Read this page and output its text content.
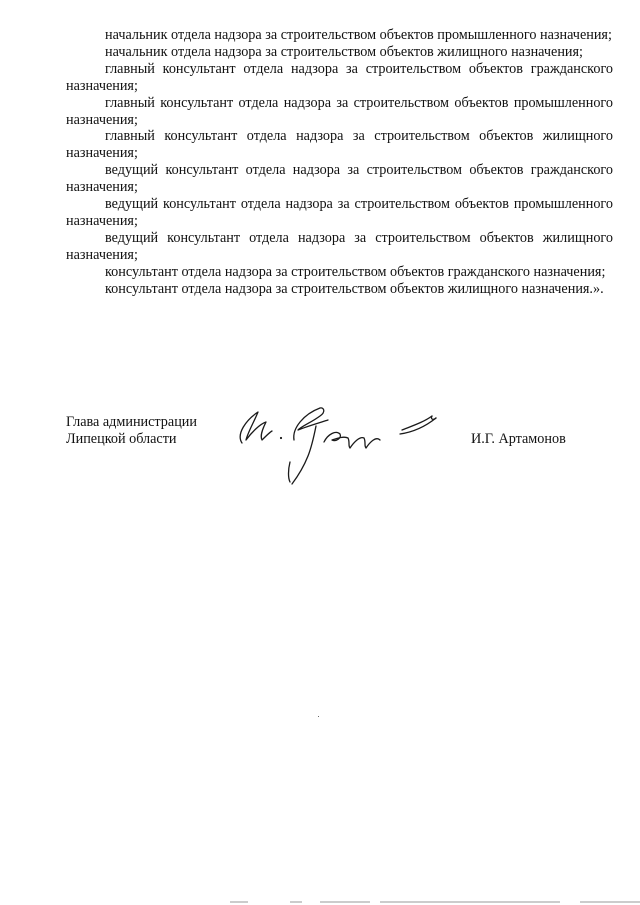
начальник отдела надзора за строительством объектов промышленного назначения;

начальник отдела надзора за строительством объектов жилищного назначения;

главный консультант отдела надзора за строительством объектов гражданского назначения;

главный консультант отдела надзора за строительством объектов промышленного назначения;

главный консультант отдела надзора за строительством объектов жилищного назначения;

ведущий консультант отдела надзора за строительством объектов гражданского назначения;

ведущий консультант отдела надзора за строительством объектов промышленного назначения;

ведущий консультант отдела надзора за строительством объектов жилищного назначения;

консультант отдела надзора за строительством объектов гражданского назначения;

консультант отдела надзора за строительством объектов жилищного назначения.».

Глава администрации
Липецкой области	И.Г. Артамонов
